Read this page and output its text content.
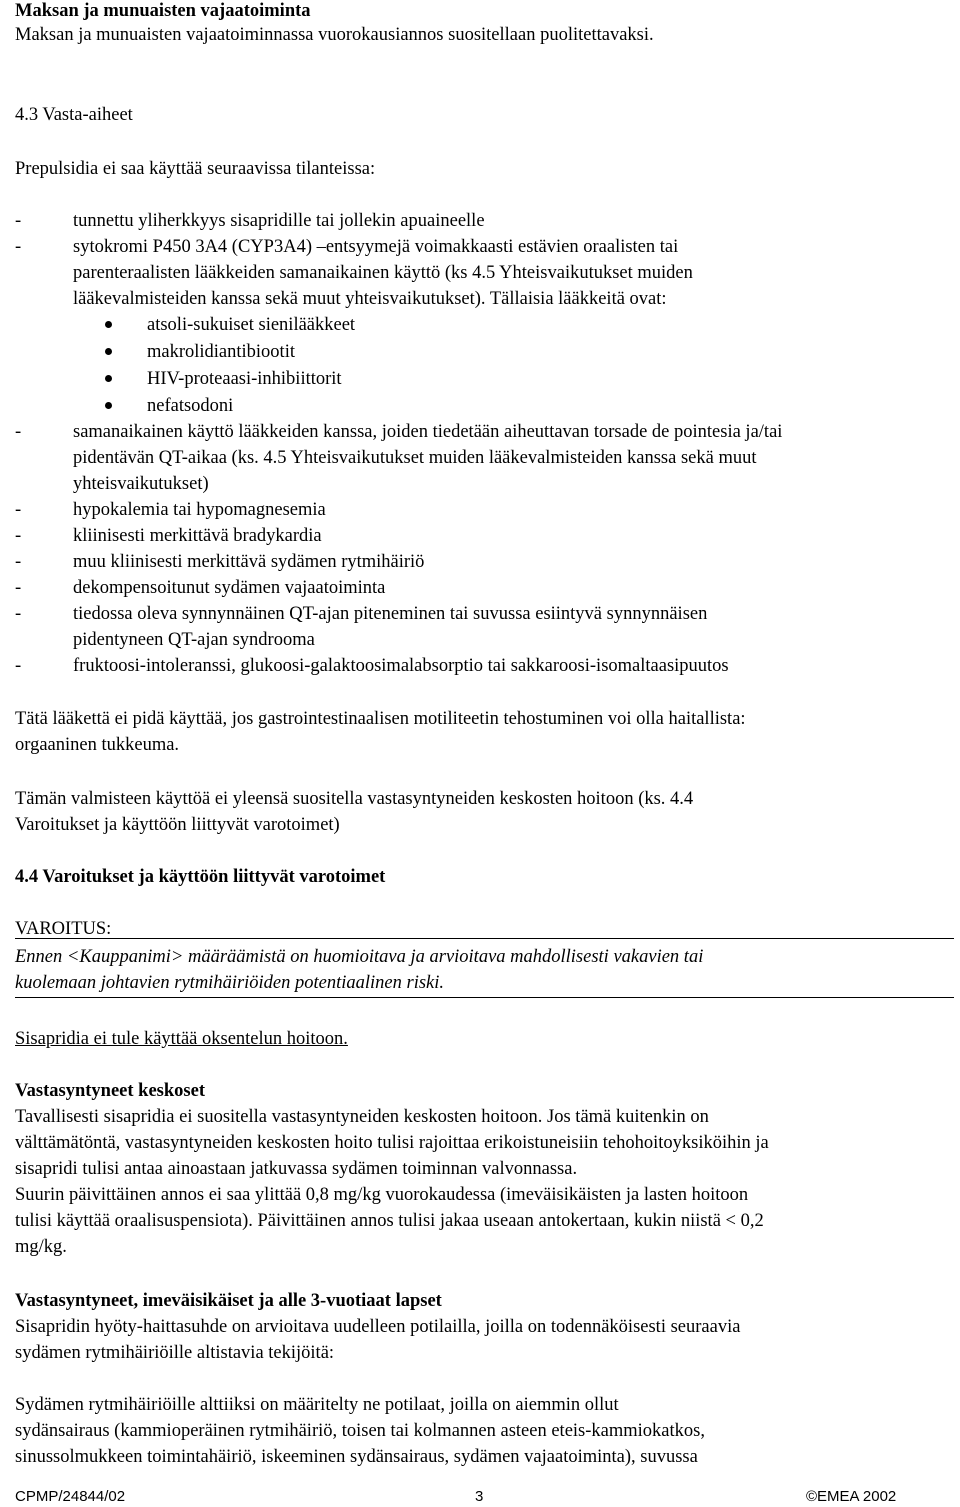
Maksan ja munuaisten vajaatoiminta
Maksan ja munuaisten vajaatoiminnassa vuorokausiannos suositellaan puolitettavaksi.
4.3 Vasta-aiheet
Prepulsidia ei saa käyttää seuraavissa tilanteissa:
-	tunnettu yliherkkyys sisapridille tai jollekin apuaineelle
-	sytokromi P450 3A4 (CYP3A4) –entsyymejä voimakkaasti estävien oraalisten tai
parenteraalisten lääkkeiden samanaikainen käyttö (ks 4.5 Yhteisvaikutukset muiden
lääkevalmisteiden kanssa sekä muut yhteisvaikutukset). Tällaisia lääkkeitä ovat:
atsoli-sukuiset sienilääkkeet
makrolidiantibiootit
HIV-proteaasi-inhibiittorit
nefatsodoni
-	samanaikainen käyttö lääkkeiden kanssa, joiden tiedetään aiheuttavan torsade de pointesia ja/tai
pidentävän QT-aikaa (ks. 4.5 Yhteisvaikutukset muiden lääkevalmisteiden kanssa sekä muut
yhteisvaikutukset)
-	hypokalemia tai hypomagnesemia
-	kliinisesti merkittävä bradykardia
-	muu kliinisesti merkittävä sydämen rytmihäiriö
-	dekompensoitunut sydämen vajaatoiminta
-	tiedossa oleva synnynnäinen QT-ajan piteneminen tai suvussa esiintyvä synnynnäisen
pidentyneen QT-ajan syndrooma
-	fruktoosi-intoleranssi, glukoosi-galaktoosimalabsorptio tai sakkaroosi-isomaltaasipuutos
Tätä lääkettä ei pidä käyttää, jos gastrointestinaalisen motiliteetin tehostuminen voi olla haitallista:
orgaaninen tukkeuma.
Tämän valmisteen käyttöä ei yleensä suositella vastasyntyneiden keskosten hoitoon (ks. 4.4
Varoitukset ja käyttöön liittyvät varotoimet)
4.4 Varoitukset ja käyttöön liittyvät varotoimet
VAROITUS:
Ennen <Kauppanimi> määräämistä on huomioitava ja arvioitava mahdollisesti vakavien tai
kuolemaan johtavien rytmihäiriöiden potentiaalinen riski.
Sisapridia ei tule käyttää oksentelun hoitoon.
Vastasyntyneet keskoset
Tavallisesti sisapridia ei suositella vastasyntyneiden keskosten hoitoon. Jos tämä kuitenkin on
välttämätöntä, vastasyntyneiden keskosten hoito tulisi rajoittaa erikoistuneisiin tehohoitoyksiköihin ja
sisapridi tulisi antaa ainoastaan jatkuvassa sydämen toiminnan valvonnassa.
Suurin päivittäinen annos ei saa ylittää 0,8 mg/kg vuorokaudessa (imeväisikäisten ja lasten hoitoon
tulisi käyttää oraalisuspensiota). Päivittäinen annos tulisi jakaa useaan antokertaan, kukin niistä < 0,2
mg/kg.
Vastasyntyneet, imeväisikäiset ja alle 3-vuotiaat lapset
Sisapridin hyöty-haittasuhde on arvioitava uudelleen potilailla, joilla on todennäköisesti seuraavia
sydämen rytmihäiriöille altistavia tekijöitä:
Sydämen rytmihäiriöille alttiiksi on määritelty ne potilaat, joilla on aiemmin ollut
sydänsairaus (kammioperäinen rytmihäiriö, toisen tai kolmannen asteen eteis-kammiokatkos,
sinussolmukkeen toimintahäiriö, iskeeminen sydänsairaus, sydämen vajaatoiminta), suvussa
CPMP/24844/02	3	©EMEA 2002
